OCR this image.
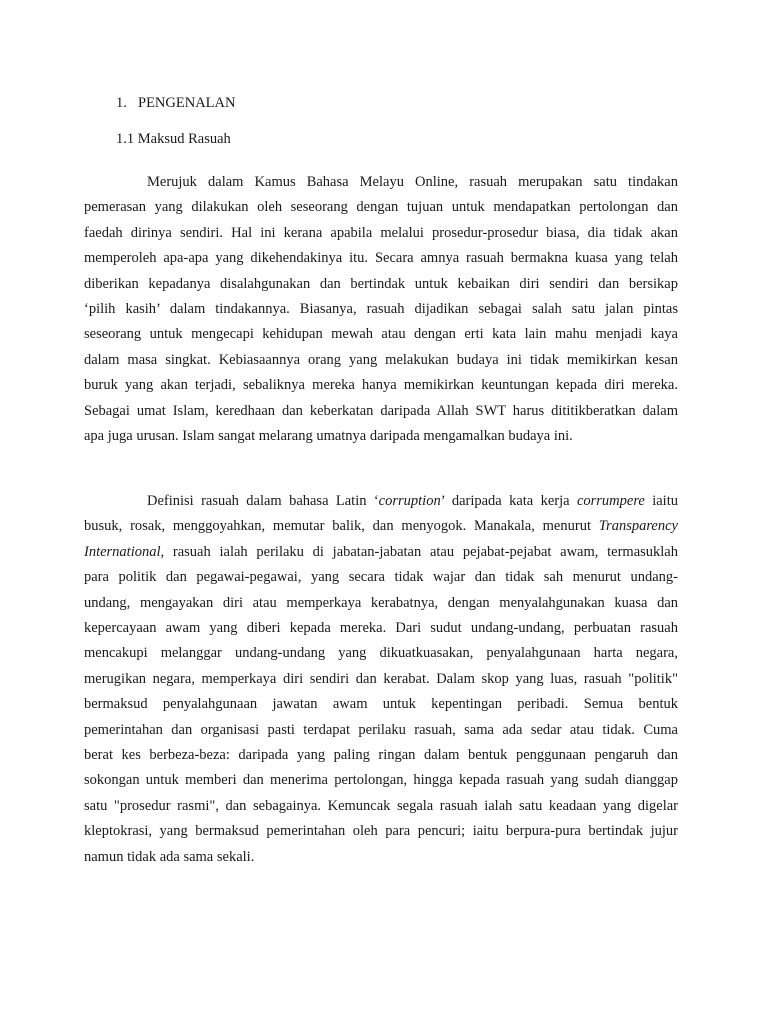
1. PENGENALAN
1.1 Maksud Rasuah
Merujuk dalam Kamus Bahasa Melayu Online, rasuah merupakan satu tindakan
pemerasan yang dilakukan oleh seseorang dengan tujuan untuk mendapatkan pertolongan dan
faedah dirinya sendiri. Hal ini kerana apabila melalui prosedur-prosedur biasa, dia tidak akan
memperoleh apa-apa yang dikehendakinya itu. Secara amnya rasuah bermakna kuasa yang telah
diberikan kepadanya disalahgunakan dan bertindak untuk kebaikan diri sendiri dan bersikap
‘pilih kasih’ dalam tindakannya. Biasanya, rasuah dijadikan sebagai salah satu jalan pintas
seseorang untuk mengecapi kehidupan mewah atau dengan erti kata lain mahu menjadi kaya
dalam masa singkat. Kebiasaannya orang yang melakukan budaya ini tidak memikirkan kesan
buruk yang akan terjadi, sebaliknya mereka hanya memikirkan keuntungan kepada diri mereka.
Sebagai umat Islam, keredhaan dan keberkatan daripada Allah SWT harus dititikberatkan dalam
apa juga urusan. Islam sangat melarang umatnya daripada mengamalkan budaya ini.
Definisi rasuah dalam bahasa Latin ‘corruption’ daripada kata kerja corrumpere iaitu
busuk, rosak, menggoyahkan, memutar balik, dan menyogok. Manakala, menurut Transparency
International, rasuah ialah perilaku di jabatan-jabatan atau pejabat-pejabat awam, termasuklah
para politik dan pegawai-pegawai, yang secara tidak wajar dan tidak sah menurut undang-
undang, mengayakan diri atau memperkaya kerabatnya, dengan menyalahgunakan kuasa dan
kepercayaan awam yang diberi kepada mereka. Dari sudut undang-undang, perbuatan rasuah
mencakupi melanggar undang-undang yang dikuatkuasakan, penyalahgunaan harta negara,
merugikan negara, memperkaya diri sendiri dan kerabat. Dalam skop yang luas, rasuah "politik"
bermaksud penyalahgunaan jawatan awam untuk kepentingan peribadi. Semua bentuk
pemerintahan dan organisasi pasti terdapat perilaku rasuah, sama ada sedar atau tidak. Cuma
berat kes berbeza-beza: daripada yang paling ringan dalam bentuk penggunaan pengaruh dan
sokongan untuk memberi dan menerima pertolongan, hingga kepada rasuah yang sudah dianggap
satu "prosedur rasmi", dan sebagainya. Kemuncak segala rasuah ialah satu keadaan yang digelar
kleptokrasi, yang bermaksud pemerintahan oleh para pencuri; iaitu berpura-pura bertindak jujur
namun tidak ada sama sekali.
